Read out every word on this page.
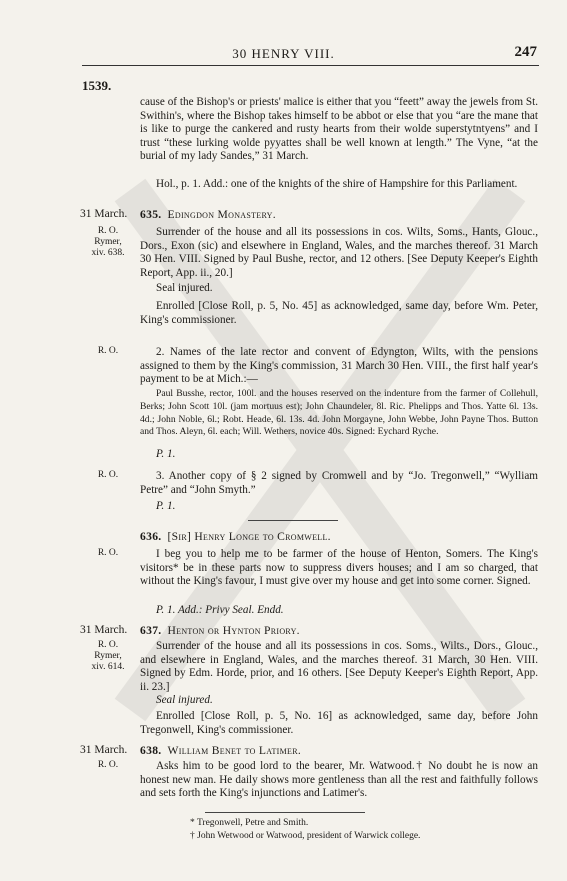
30 HENRY VIII.	247
1539.
cause of the Bishop's or priests' malice is either that you “feett” away the jewels from St. Swithin's, where the Bishop takes himself to be abbot or else that you “are the mane that is like to purge the cankered and rusty hearts from their wolde superstytntyens” and I trust “these lurking wolde pyyattes shall be well known at length.” The Vyne, “at the burial of my lady Sandes,” 31 March.
Hol., p. 1. Add.: one of the knights of the shire of Hampshire for this Parliament.
31 March.	635. Edingdon Monastery.
R. O.
Rymer,
xiv. 638.
Surrender of the house and all its possessions in cos. Wilts, Soms., Hants, Glouc., Dors., Exon (sic) and elsewhere in England, Wales, and the marches thereof. 31 March 30 Hen. VIII. Signed by Paul Bushe, rector, and 12 others. [See Deputy Keeper's Eighth Report, App. ii., 20.]
Seal injured.
Enrolled [Close Roll, p. 5, No. 45] as acknowledged, same day, before Wm. Peter, King's commissioner.
R. O.	2. Names of the late rector and convent of Edyngton, Wilts, with the pensions assigned to them by the King's commission, 31 March 30 Hen. VIII., the first half year's payment to be at Mich.:—
Paul Busshe, rector, 100l. and the houses reserved on the indenture from the farmer of Collehull, Berks; John Scott 10l. (jam mortuus est); John Chaundeler, 8l. Ric. Phelipps and Thos. Yatte 6l. 13s. 4d.; John Noble, 6l.; Robt. Heade, 6l. 13s. 4d. John Morgayne, John Webbe, John Payne Thos. Button and Thos. Aleyn, 6l. each; Will. Wethers, novice 40s. Signed: Eychard Ryche.
P. 1.
R. O.	3. Another copy of § 2 signed by Cromwell and by “Jo. Tregonwell,” “Wylliam Petre” and “John Smyth.”
P. 1.
636. [Sir] Henry Longe to Cromwell.
R. O.	I beg you to help me to be farmer of the house of Henton, Somers. The King's visitors* be in these parts now to suppress divers houses; and I am so charged, that without the King's favour, I must give over my house and get into some corner. Signed.
P. 1. Add.: Privy Seal. Endd.
31 March.	637. Henton or Hynton Priory.
R. O.
Rymer,
xiv. 614.
Surrender of the house and all its possessions in cos. Soms., Wilts., Dors., Glouc., and elsewhere in England, Wales, and the marches thereof. 31 March, 30 Hen. VIII. Signed by Edm. Horde, prior, and 16 others. [See Deputy Keeper's Eighth Report, App. ii. 23.]
Seal injured.
Enrolled [Close Roll, p. 5, No. 16] as acknowledged, same day, before John Tregonwell, King's commissioner.
31 March.	638. William Benet to Latimer.
R. O.	Asks him to be good lord to the bearer, Mr. Watwood.† No doubt he is now an honest new man. He daily shows more gentleness than all the rest and faithfully follows and sets forth the King's injunctions and Latimer's.
* Tregonwell, Petre and Smith.
† John Wetwood or Watwood, president of Warwick college.
